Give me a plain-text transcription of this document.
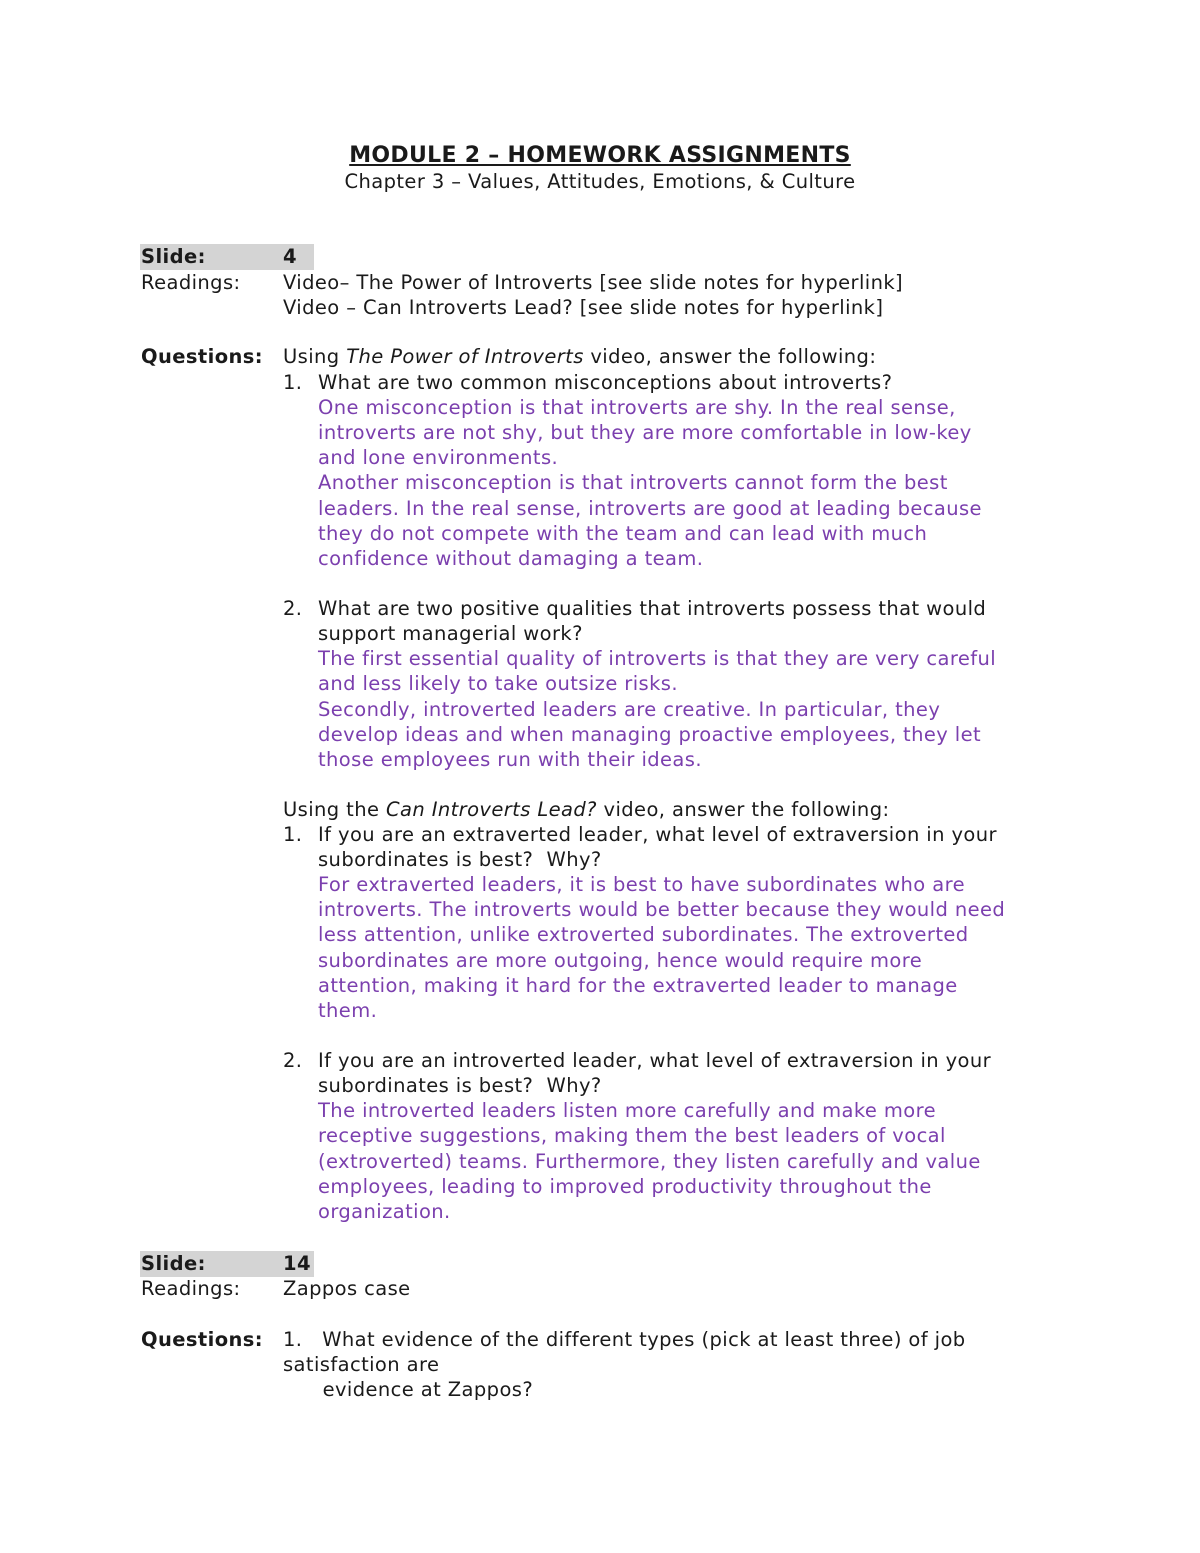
MODULE 2 – HOMEWORK ASSIGNMENTS
Chapter 3 – Values, Attitudes, Emotions, & Culture
Slide:	4
Readings: Video– The Power of Introverts [see slide notes for hyperlink]
Video – Can Introverts Lead? [see slide notes for hyperlink]
Questions: Using The Power of Introverts video, answer the following:
1. What are two common misconceptions about introverts?
One misconception is that introverts are shy. In the real sense,
introverts are not shy, but they are more comfortable in low-key
and lone environments.
Another misconception is that introverts cannot form the best
leaders. In the real sense, introverts are good at leading because
they do not compete with the team and can lead with much
confidence without damaging a team.
2. What are two positive qualities that introverts possess that would
support managerial work?
The first essential quality of introverts is that they are very careful
and less likely to take outsize risks.
Secondly, introverted leaders are creative. In particular, they
develop ideas and when managing proactive employees, they let
those employees run with their ideas.
Using the Can Introverts Lead? video, answer the following:
1. If you are an extraverted leader, what level of extraversion in your
subordinates is best?  Why?
For extraverted leaders, it is best to have subordinates who are
introverts. The introverts would be better because they would need
less attention, unlike extroverted subordinates. The extroverted
subordinates are more outgoing, hence would require more
attention, making it hard for the extraverted leader to manage
them.
2. If you are an introverted leader, what level of extraversion in your
subordinates is best?  Why?
The introverted leaders listen more carefully and make more
receptive suggestions, making them the best leaders of vocal
(extroverted) teams. Furthermore, they listen carefully and value
employees, leading to improved productivity throughout the
organization.
Slide:	14
Readings: Zappos case
Questions: 1.   What evidence of the different types (pick at least three) of job
satisfaction are
evidence at Zappos?
